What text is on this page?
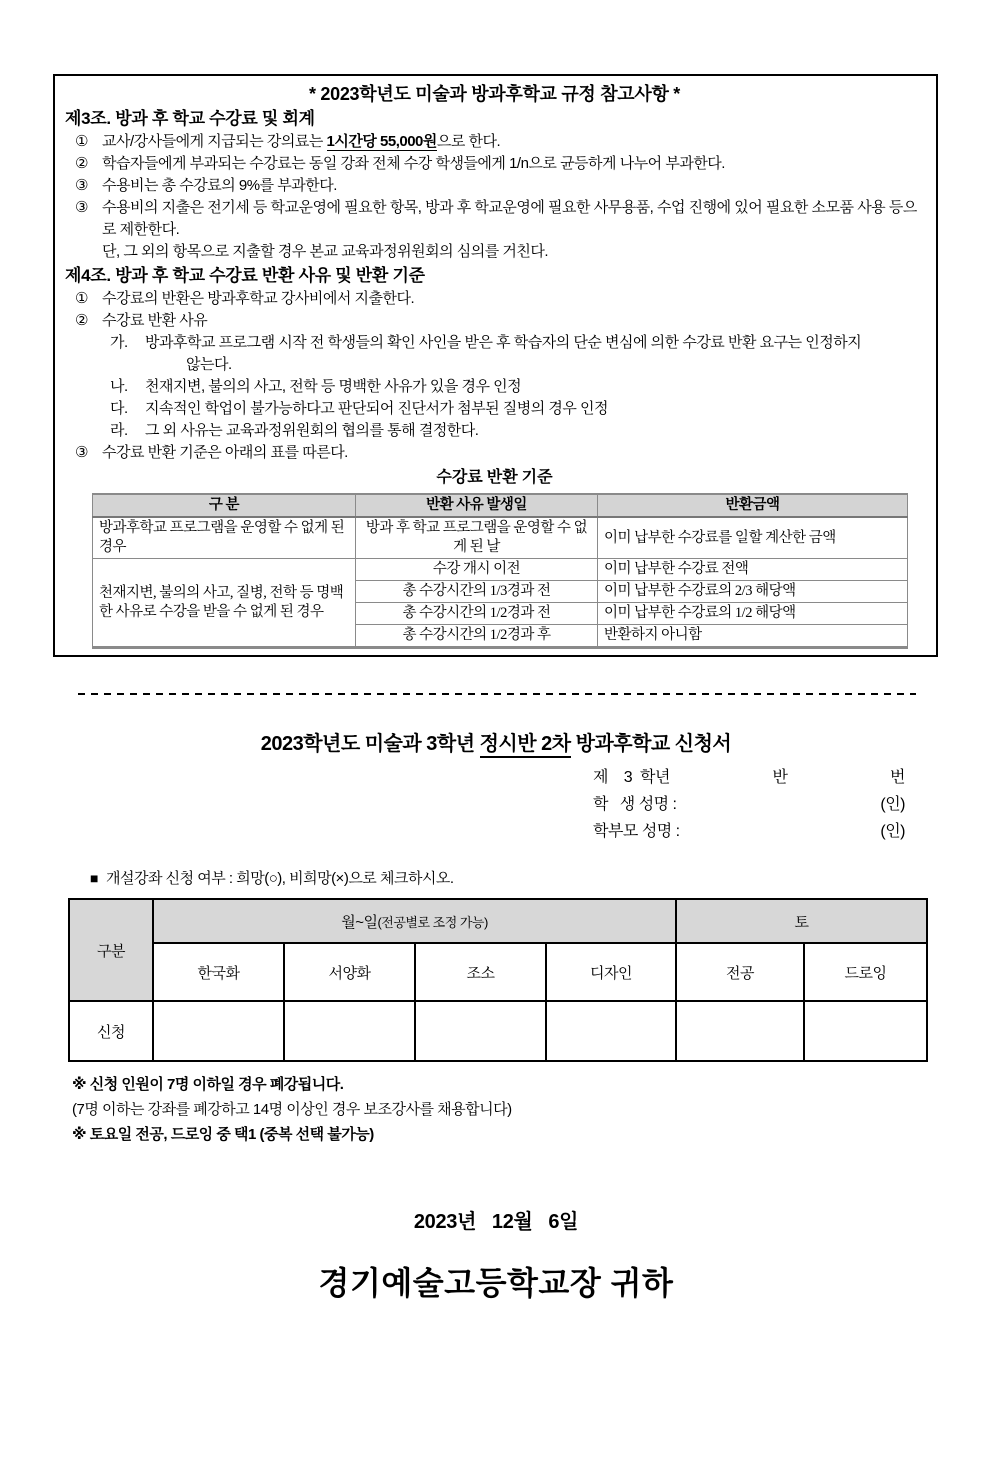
* 2023학년도 미술과 방과후학교 규정 참고사항 *
제3조. 방과 후 학교 수강료 및 회계
① 교사/강사들에게 지급되는 강의료는 1시간당 55,000원으로 한다.
② 학습자들에게 부과되는 수강료는 동일 강좌 전체 수강 학생들에게 1/n으로 균등하게 나누어 부과한다.
③ 수용비는 총 수강료의 9%를 부과한다.
③ 수용비의 지출은 전기세 등 학교운영에 필요한 항목, 방과 후 학교운영에 필요한 사무용품, 수업 진행에 있어 필요한 소모품 사용 등으로 제한한다.
단, 그 외의 항목으로 지출할 경우 본교 교육과정위원회의 심의를 거친다.
제4조. 방과 후 학교 수강료 반환 사유 및 반환 기준
① 수강료의 반환은 방과후학교 강사비에서 지출한다.
② 수강료 반환 사유
가. 방과후학교 프로그램 시작 전 학생들의 확인 사인을 받은 후 학습자의 단순 변심에 의한 수강료 반환 요구는 인정하지
않는다.
나. 천재지변, 불의의 사고, 전학 등 명백한 사유가 있을 경우 인정
다. 지속적인 학업이 불가능하다고 판단되어 진단서가 첨부된 질병의 경우 인정
라. 그 외 사유는 교육과정위원회의 협의를 통해 결정한다.
③ 수강료 반환 기준은 아래의 표를 따른다.
수강료 반환 기준
구 분	반환 사유 발생일	반환금액
방과후학교 프로그램을 운영할 수 없게 된 경우	방과 후 학교 프로그램을 운영할 수 없게 된 날	이미 납부한 수강료를 일할 계산한 금액
천재지변, 불의의 사고, 질병, 전학 등 명백한 사유로 수강을 받을 수 없게 된 경우	수강 개시 이전	이미 납부한 수강료 전액
	총 수강시간의 1/3경과 전	이미 납부한 수강료의 2/3 해당액
	총 수강시간의 1/2경과 전	이미 납부한 수강료의 1/2 해당액
	총 수강시간의 1/2경과 후	반환하지 아니함
2023학년도 미술과 3학년 정시반 2차 방과후학교 신청서
제    3  학년	반	번
학   생 성명 :	(인)
학부모 성명 :	(인)
■ 개설강좌 신청 여부 : 희망(○), 비희망(×)으로 체크하시오.
구분	월~일(전공별로 조정 가능)				토	
	한국화	서양화	조소	디자인	전공	드로잉
신청						
※ 신청 인원이 7명 이하일 경우 폐강됩니다.
(7명 이하는 강좌를 폐강하고 14명 이상인 경우 보조강사를 채용합니다)
※ 토요일 전공, 드로잉 중 택1 (중복 선택 불가능)
2023년   12월   6일
경기예술고등학교장 귀하
